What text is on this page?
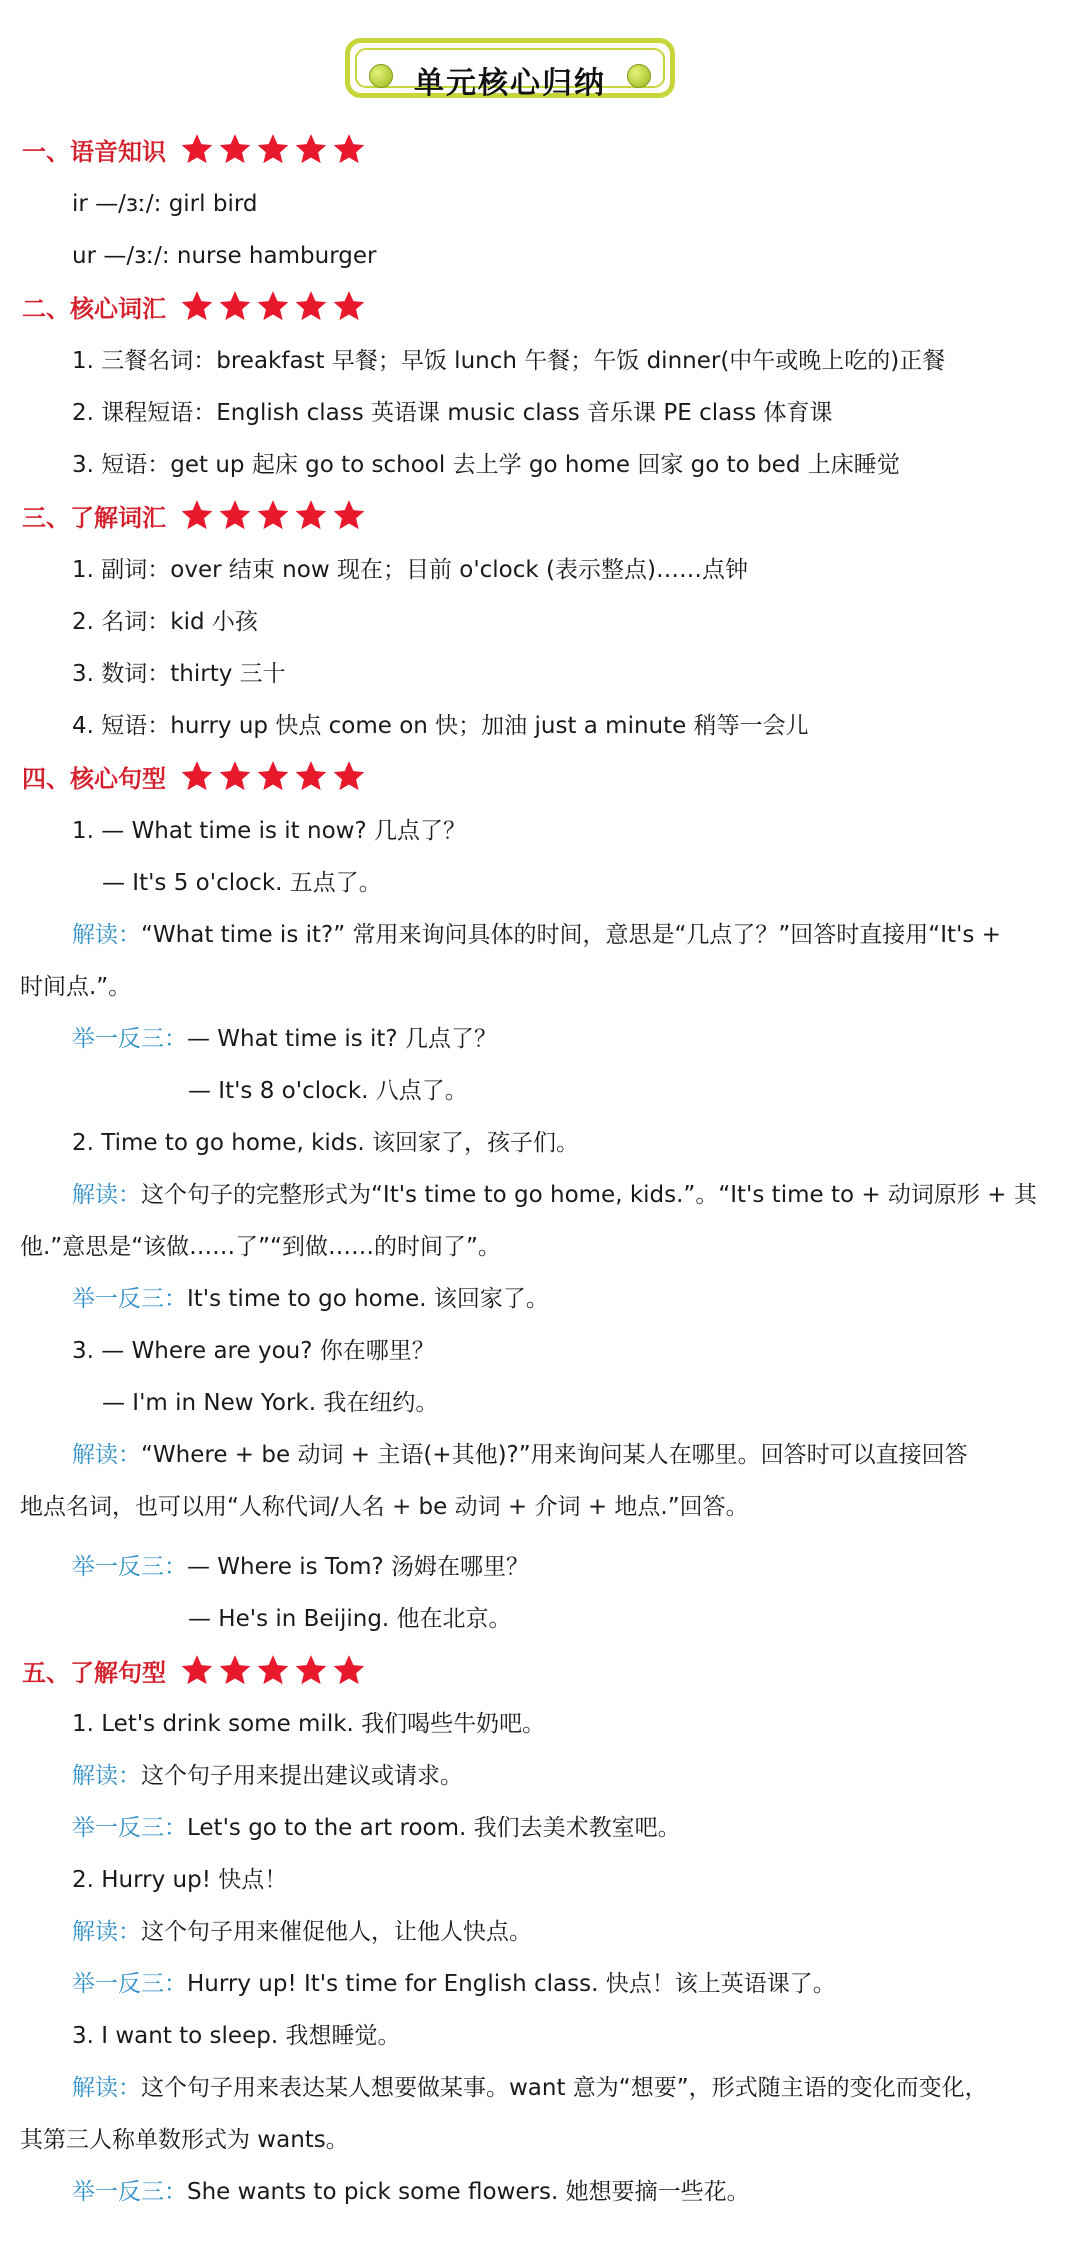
单元核心归纳
一、语音知识
ir —/ɜː/: girl bird
ur —/ɜː/: nurse hamburger
二、核心词汇
1. 三餐名词：breakfast 早餐；早饭 lunch 午餐；午饭 dinner(中午或晚上吃的)正餐
2. 课程短语：English class 英语课 music class 音乐课 PE class 体育课
3. 短语：get up 起床 go to school 去上学 go home 回家 go to bed 上床睡觉
三、了解词汇
1. 副词：over 结束 now 现在；目前 o'clock (表示整点)……点钟
2. 名词：kid 小孩
3. 数词：thirty 三十
4. 短语：hurry up 快点 come on 快；加油 just a minute 稍等一会儿
四、核心句型
1. — What time is it now? 几点了？
— It's 5 o'clock. 五点了。
解读：“What time is it?” 常用来询问具体的时间，意思是“几点了？”回答时直接用“It's +
时间点.”。
举一反三：— What time is it? 几点了？
— It's 8 o'clock. 八点了。
2. Time to go home, kids. 该回家了，孩子们。
解读：这个句子的完整形式为“It's time to go home, kids.”。“It's time to + 动词原形 + 其
他.”意思是“该做……了”“到做……的时间了”。
举一反三：It's time to go home. 该回家了。
3. — Where are you? 你在哪里？
— I'm in New York. 我在纽约。
解读：“Where + be 动词 + 主语(+其他)?”用来询问某人在哪里。回答时可以直接回答
地点名词，也可以用“人称代词/人名 + be 动词 + 介词 + 地点.”回答。
举一反三：— Where is Tom? 汤姆在哪里？
— He's in Beijing. 他在北京。
五、了解句型
1. Let's drink some milk. 我们喝些牛奶吧。
解读：这个句子用来提出建议或请求。
举一反三：Let's go to the art room. 我们去美术教室吧。
2. Hurry up! 快点！
解读：这个句子用来催促他人，让他人快点。
举一反三：Hurry up! It's time for English class. 快点！该上英语课了。
3. I want to sleep. 我想睡觉。
解读：这个句子用来表达某人想要做某事。want 意为“想要”，形式随主语的变化而变化，
其第三人称单数形式为 wants。
举一反三：She wants to pick some flowers. 她想要摘一些花。
